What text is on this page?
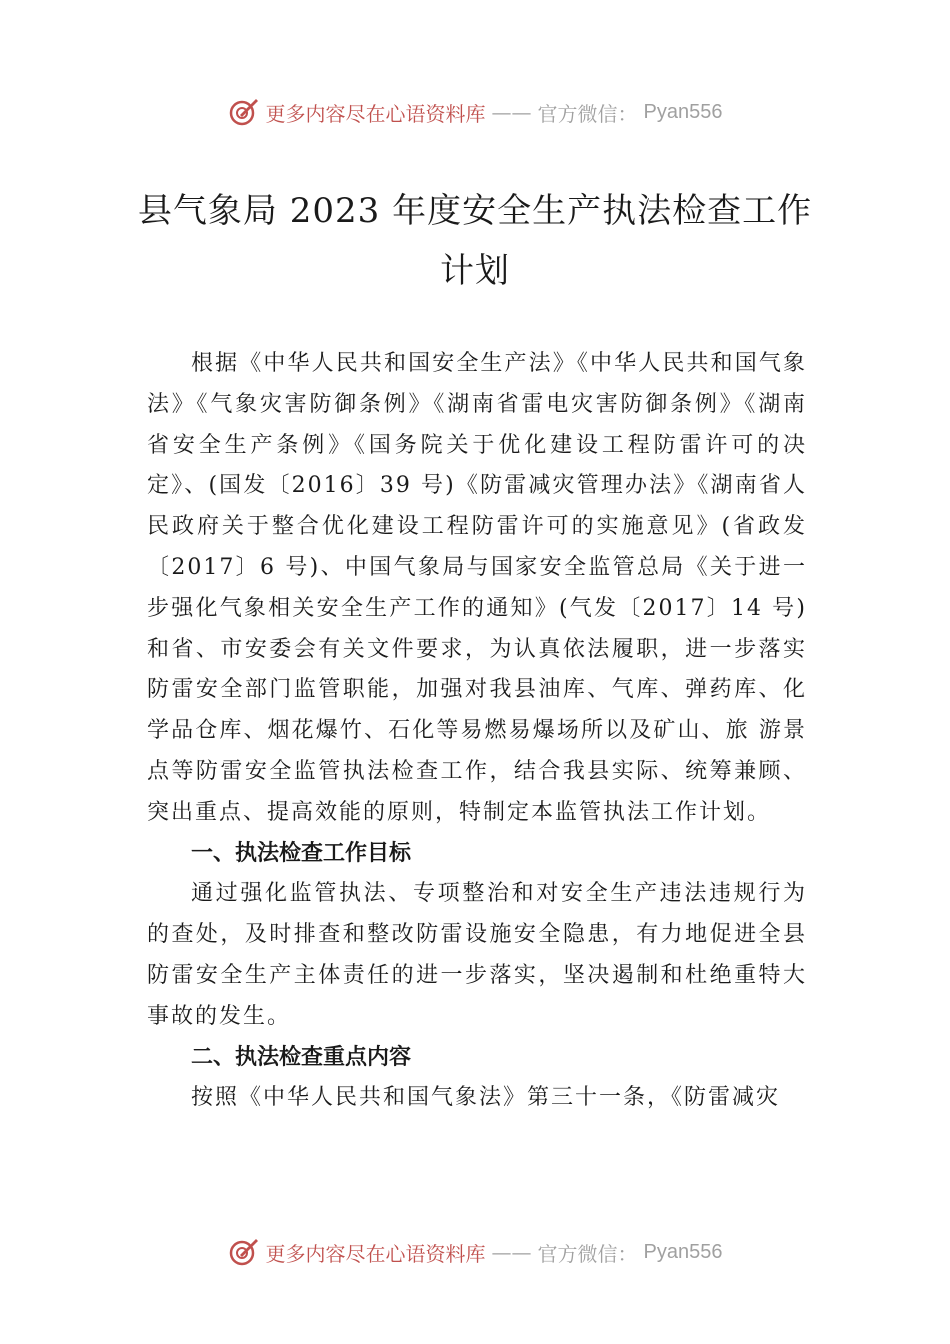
更多内容尽在心语资料库 —— 官方微信： Pyan556
县气象局 2023 年度安全生产执法检查工作
计划

根据《中华人民共和国安全生产法》《中华人民共和国气象法》《气象灾害防御条例》《湖南省雷电灾害防御条例》《湖南省安全生产条例》《国务院关于优化建设工程防雷许可的决定》、(国发〔2016〕39 号)《防雷减灾管理办法》《湖南省人民政府关于整合优化建设工程防雷许可的实施意见》(省政发〔2017〕6 号)、中国气象局与国家安全监管总局《关于进一步强化气象相关安全生产工作的通知》(气发〔2017〕14 号) 和省、市安委会有关文件要求，为认真依法履职，进一步落实防雷安全部门监管职能，加强对我县油库、气库、弹药库、化学品仓库、烟花爆竹、石化等易燃易爆场所以及矿山、旅 游景点等防雷安全监管执法检查工作，结合我县实际、统筹兼顾、突出重点、提高效能的原则，特制定本监管执法工作计划。

一、执法检查工作目标

通过强化监管执法、专项整治和对安全生产违法违规行为的查处，及时排查和整改防雷设施安全隐患，有力地促进全县防雷安全生产主体责任的进一步落实，坚决遏制和杜绝重特大事故的发生。

二、执法检查重点内容

按照《中华人民共和国气象法》第三十一条，《防雷减灾

更多内容尽在心语资料库 —— 官方微信： Pyan556
